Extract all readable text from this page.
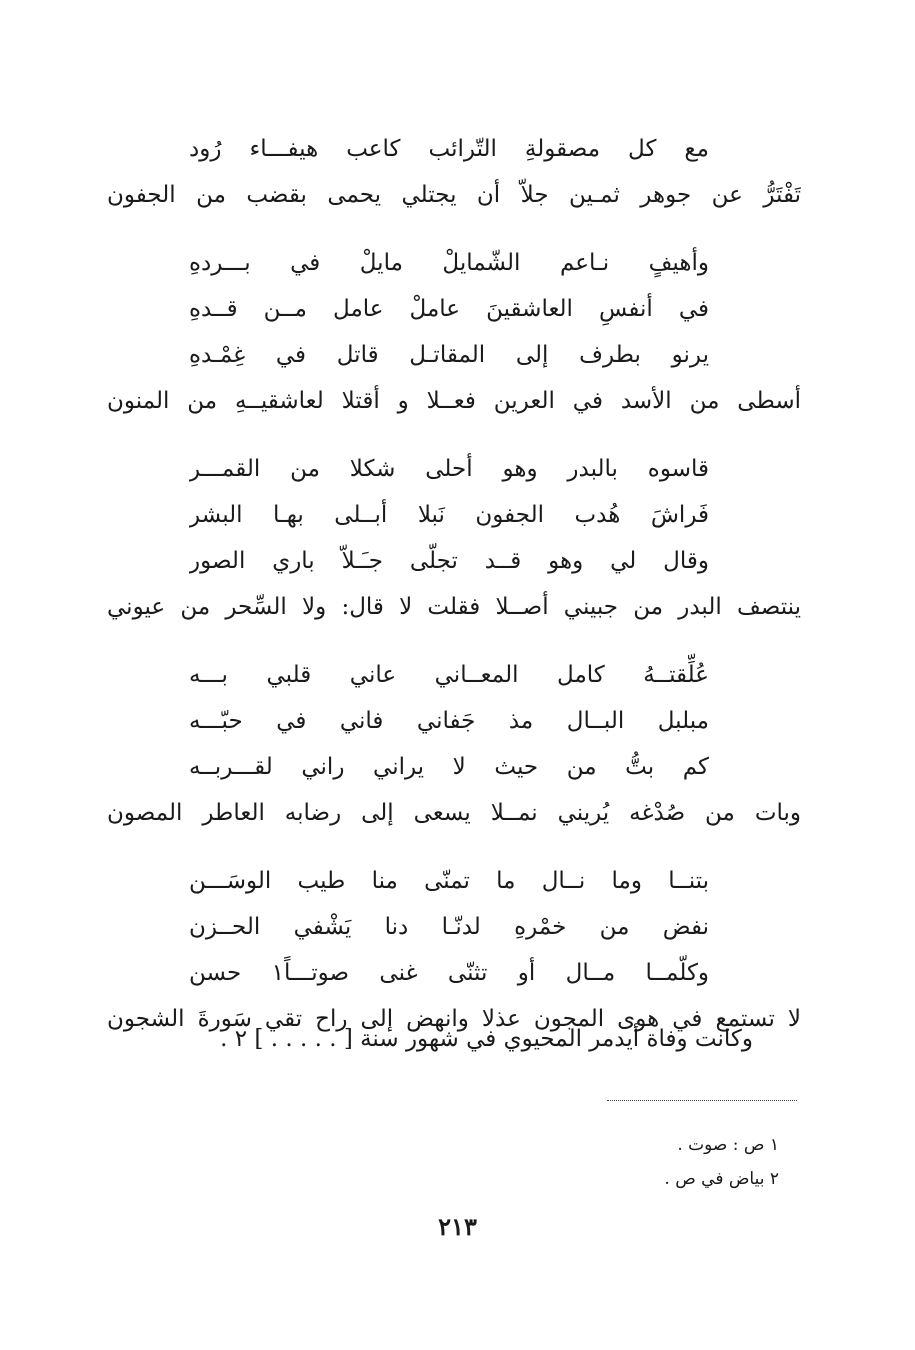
مع كل مصقولةِ التّرائب كاعب هيفـــاء رُود
تَفْتَرُّ عن جوهر ثمـين جلاّ أن يجتلي يحمى بقضب من الجفون
وأهيفٍ نـاعم الشّمايلْ مايلْ في بـــردهِ
في أنفسِ العاشقينَ عاملْ عامل مــن قــدهِ
يرنو بطرف إلى المقاتـل قاتل في غِمْـدهِ
أسطى من الأسد في العرين فعــلا و أقتلا لعاشقيــهِ من المنون
قاسوه بالبدر وهو أحلى شكلا من القمـــر
فَراشَ هُدب الجفون نَبلا أبــلى بهـا البشر
وقال لي وهو قــد تجلّى جـَـلاّ باري الصور
ينتصف البدر من جبيني أصــلا فقلت لا قال: ولا السِّحر من عيوني
عُلِّقتــهُ كامل المعــاني عاني قلبي بـــه
مبلبل البــال مذ جَفاني فاني في حبّـــه
كم بتُّ من حيث لا يراني راني لقـــربــه
وبات من صُدْغه يُريني نمــلا يسعى إلى رضابه العاطر المصون
بتنــا وما نــال ما تمنّى منا طيب الوسَـــن
نفض من خمْرهِ لدنّـا دنا يَشْفي الحــزن
وكلّمــا مــال أو تثنّى غنى صوتـــاً١ حسن
لا تستمع في هوى المجون عذلا وانهض إلى راح تقي سَورةَ الشجون
وكانت وفاة أيدمر المحيوي في شهور سنة [ . . . . . ] ٢ .
١ ص : صوت .
٢ بياض في ص .
٢١٣
